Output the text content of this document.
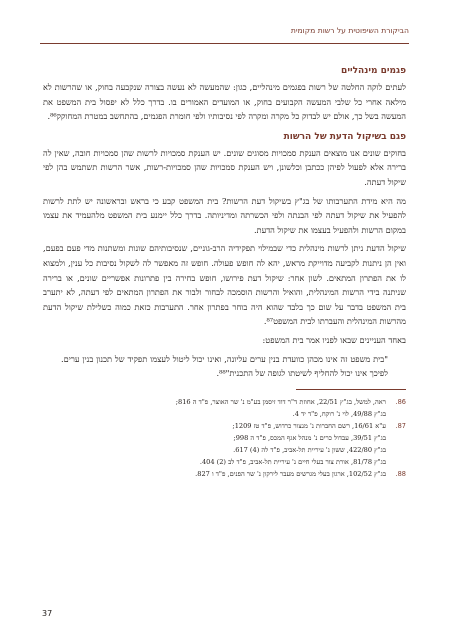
הביקורת השיפוטית על רשות מקומית
פגמים מינהליים

לעתים לוקה החלטה של רשות בפגמים מינהליים, כגון: שהמעשה לא נעשה בצורה שנקבעה בחוק, או שהרשות לא מילאה אחרי כל שלבי המעשה הקבועים בחוק, או המועדים האמורים בו. בדרך כלל לא יפסול בית המשפט את המעשה בשל כך, אולם יש לבדוק כל מקרה ומקרה לפי נסיבותיו ולפי חומרת הפגמים, בהתחשב במטרת המחוקק⁸⁶.

פגם בשיקול הדעת של הרשות

בחוקים שונים אנו מוצאים הענקת סמכויות מסוגים שונים. יש הענקת סמכויות לרשות שהן סמכויות חובה, שאין לה ברירה אלא לפעול לפיהן ככתבן וכלשונן, ויש הענקת סמכויות שהן סמכויות-רשות, אשר הרשות תשתמש בהן לפי שיקול דעתה.

מה היא מידת התערבותו של בג"ץ בשיקול דעת הרשות? בית המשפט קבע כי בראש ובראשונה יש לתת לרשות להפעיל את שיקול דעתה לפי הבנתה ולפי הכשרתה ומדיניותה. בדרך כלל יימנע בית המשפט מלהעמיד את עצמו במקום הרשות ולהפעיל בעצמו את שיקול הדעת.

שיקול הדעת ניתן לרשות מינהלית כדי שבמילוי תפקידיה הרב-גוניים, שנסיבותיהם שונות ומשתנות מדי פעם בפעם, ואין הן ניתנות לקביעה מדוייקת מראש, יהא לה חופש פעולה. חופש זה מאפשר לה לשקול נסיבות כל ענין, ולמצוא לו את הפתרון המתאים. לשון אחר: שיקול דעת פירושו, חופש בחירה בין פתרונות אפשריים שונים, או ברירה שניתנה בידי הרשות המינהלית, והואיל והרשות הוסמכה לבחור ולבור את הפתרון המתאים לפי דעתה, לא יתערב בית המשפט בדבר על שום כך בלבד שהוא היה בוחר בפתרון אחר. התערבות כזאת כמוה כשלילת שיקול הדעת מהרשות המינהלית והעברתו לבית המשפט⁸⁷.

באחד העניינים שבאו לפניו אמר בית המשפט:

"בית משפט זה אינו מכהן כוועדת בנין ערים עליונה, ואינו יכול ליטול לעצמו תפקיד של תכנון בנין ערים. לפיכך אינו יכול להחליף לשיטתו לגופה של התכנית"⁸⁸.
86.
ראה, למשל, בג"ץ 22/51, אחוזת ד"ר דוד זיסמן בע"מ נ' שר האוצר, פ"ד ה 816;
בג"ץ 49/88, לוי נ' רוקח, פ"ד יד 4.
87.
ע"א 16/61, רשם החברות נ' מנצור כרדוש, פ"ד טז 1209;
בג"ץ 39/51, עבדול כרים נ' מנהל אגף המכס, פ"ד ה 998;
בג"ץ 422/80, ששון נ' עיריית תל-אביב, פ"ד לה (4) 617.
בג"ץ 81/78, אורת צור בעלי חיים נ' עיריית תל-אביב, פ"ד לב (2) 404.
88.
בג"ץ 102/52, ארגון בעלי מגרשים מעבר לירקון נ' שר הפנים, פ"ד ו 827.
37
